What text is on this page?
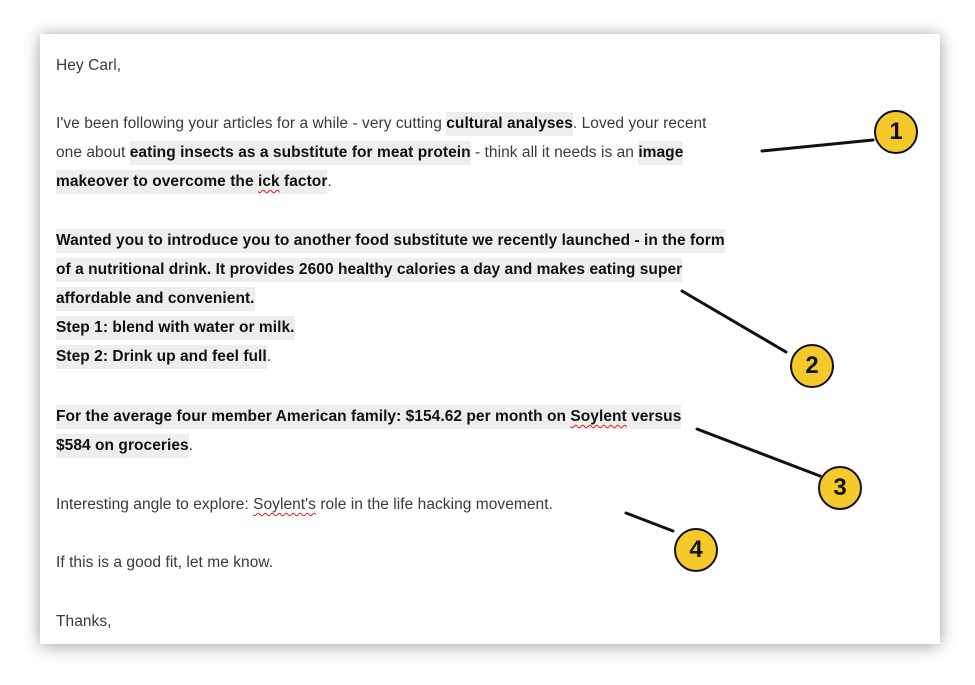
Hey Carl,
I've been following your articles for a while - very cutting cultural analyses. Loved your recent
one about eating insects as a substitute for meat protein - think all it needs is an image
makeover to overcome the ick factor.
Wanted you to introduce you to another food substitute we recently launched - in the form
of a nutritional drink. It provides 2600 healthy calories a day and makes eating super
affordable and convenient.
Step 1: blend with water or milk.
Step 2: Drink up and feel full.
For the average four member American family: $154.62 per month on Soylent versus
$584 on groceries.
Interesting angle to explore: Soylent's role in the life hacking movement.
If this is a good fit, let me know.
Thanks,
1
2
3
4
